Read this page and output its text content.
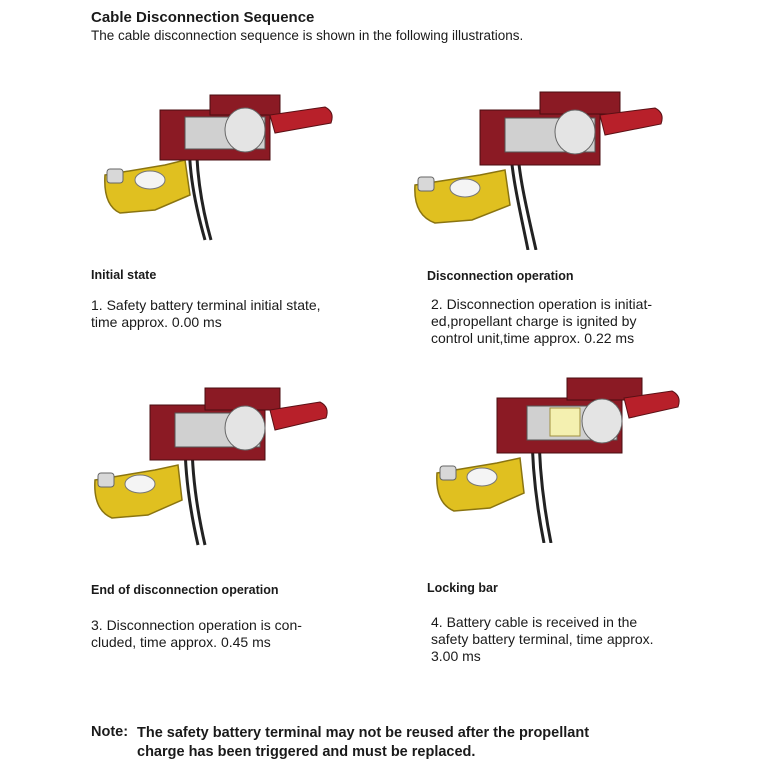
Cable Disconnection Sequence
The cable disconnection sequence is shown in the following illustrations.
Initial state
1. Safety battery terminal initial state,
time approx. 0.00 ms
Disconnection operation
2. Disconnection operation is initiat-
ed,propellant charge is ignited by
control unit,time approx. 0.22 ms
End of disconnection operation
3. Disconnection operation is con-
cluded, time approx. 0.45 ms
Locking bar
4. Battery cable is received in the
safety battery terminal, time approx.
3.00 ms
Note: The safety battery terminal may not be reused after the propellant
charge has been triggered and must be replaced.
